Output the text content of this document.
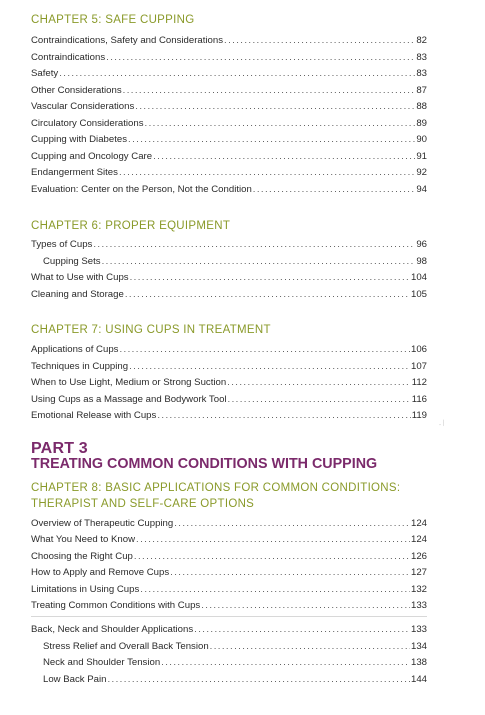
CHAPTER 5: SAFE CUPPING
Contraindications, Safety and Considerations .....	82
Contraindications .....	83
Safety .....	83
Other Considerations .....	87
Vascular Considerations .....	88
Circulatory Considerations .....	89
Cupping with Diabetes .....	90
Cupping and Oncology Care .....	91
Endangerment Sites .....	92
Evaluation: Center on the Person, Not the Condition .....	94
CHAPTER 6: PROPER EQUIPMENT
Types of Cups .....	96
Cupping Sets .....	98
What to Use with Cups .....	104
Cleaning and Storage .....	105
CHAPTER 7: USING CUPS IN TREATMENT
Applications of Cups .....	106
Techniques in Cupping .....	107
When to Use Light, Medium or Strong Suction .....	112
Using Cups as a Massage and Bodywork Tool .....	116
Emotional Release with Cups .....	119
‧ ⁄
PART 3
TREATING COMMON CONDITIONS WITH CUPPING
CHAPTER 8: BASIC APPLICATIONS FOR COMMON CONDITIONS:
THERAPIST AND SELF-CARE OPTIONS
Overview of Therapeutic Cupping .....	124
What You Need to Know .....	124
Choosing the Right Cup .....	126
How to Apply and Remove Cups .....	127
Limitations in Using Cups .....	132
Treating Common Conditions with Cups .....	133
Back, Neck and Shoulder Applications .....	133
Stress Relief and Overall Back Tension .....	134
Neck and Shoulder Tension .....	138
Low Back Pain .....	144
